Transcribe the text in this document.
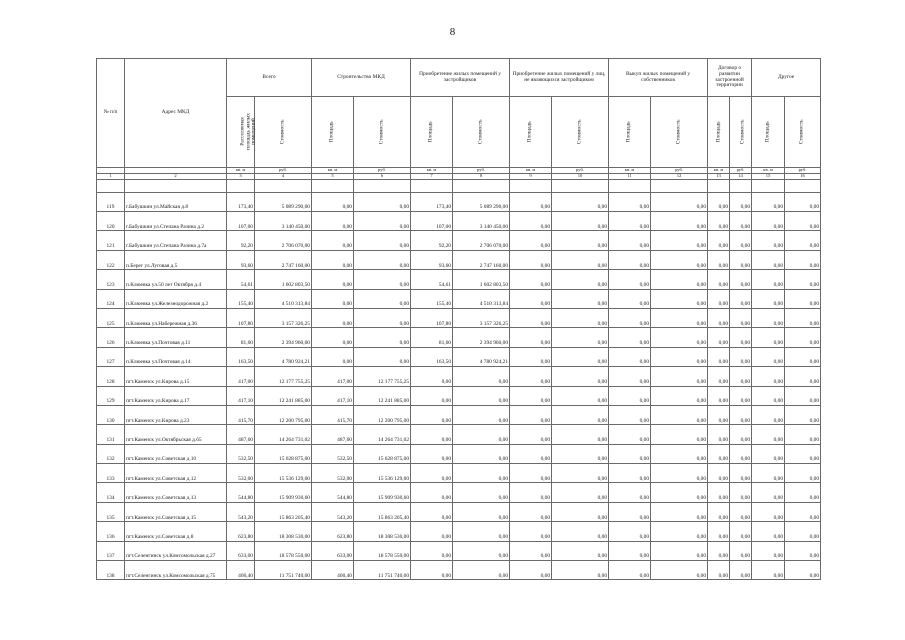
8
№ п/п	Адрес МКД	Всего		Строительство МКД		Приобретение жилых помещений у застройщиков		Приобретение жилых помещений у лиц, не являющихся застройщиком		Выкуп жилых помещений у собственников		Договор о развитии застроенной территории		Другое	
		Расселяемая площадь жилых помещений	Стоимость	Площадь	Стоимость	Площадь	Стоимость	Площадь	Стоимость	Площадь	Стоимость	Площадь	Стоимость	Площадь	Стоимость
		кв. м	руб.	кв. м	руб.	кв. м	руб.	кв. м	руб.	кв. м	руб.	кв. м	руб.	кв. м	руб.
1	2	3	4	5	6	7	8	9	10	11	12	13	14	15	16

119	г.Бабушкин ул.Майская д.8	173,40	5 089 290,00	0,00	0,00	173,40	5 089 290,00	0,00	0,00	0,00	0,00	0,00	0,00	0,00	0,00
120	г.Бабушкин ул.Степана Разина д.2	107,00	3 140 450,00	0,00	0,00	107,00	3 140 450,00	0,00	0,00	0,00	0,00	0,00	0,00	0,00	0,00
121	г.Бабушкин ул.Степана Разина д.7а	92,20	2 706 070,00	0,00	0,00	92,20	2 706 070,00	0,00	0,00	0,00	0,00	0,00	0,00	0,00	0,00
122	п.Берег ул.Луговая д.5	93,60	2 747 160,00	0,00	0,00	93,60	2 747 160,00	0,00	0,00	0,00	0,00	0,00	0,00	0,00	0,00
123	п.Клюевка ул.50 лет Октября д.4	54,61	1 602 803,50	0,00	0,00	54,61	1 602 803,50	0,00	0,00	0,00	0,00	0,00	0,00	0,00	0,00
124	п.Клюевка ул.Железнодорожная д.2	155,40	4 510 313,84	0,00	0,00	155,40	4 510 313,84	0,00	0,00	0,00	0,00	0,00	0,00	0,00	0,00
125	п.Клюевка ул.Набережная д.36	107,80	3 157 326,25	0,00	0,00	107,80	3 157 326,25	0,00	0,00	0,00	0,00	0,00	0,00	0,00	0,00
126	п.Клюевка ул.Почтовая д.11	81,60	2 394 960,00	0,00	0,00	81,60	2 394 960,00	0,00	0,00	0,00	0,00	0,00	0,00	0,00	0,00
127	п.Клюевка ул.Почтовая д.14	163,50	4 780 924,21	0,00	0,00	163,50	4 780 924,21	0,00	0,00	0,00	0,00	0,00	0,00	0,00	0,00
128	пгт.Каменск ул.Кирова д.15	417,00	12 177 755,25	417,00	12 177 755,25	0,00	0,00	0,00	0,00	0,00	0,00	0,00	0,00	0,00	0,00
129	пгт.Каменск ул.Кирова д.17	417,10	12 241 885,00	417,10	12 241 885,00	0,00	0,00	0,00	0,00	0,00	0,00	0,00	0,00	0,00	0,00
130	пгт.Каменск ул.Кирова д.23	415,70	12 200 795,00	415,70	12 200 795,00	0,00	0,00	0,00	0,00	0,00	0,00	0,00	0,00	0,00	0,00
131	пгт.Каменск ул.Октябрьская д.65	487,60	14 264 731,02	487,60	14 264 731,02	0,00	0,00	0,00	0,00	0,00	0,00	0,00	0,00	0,00	0,00
132	пгт.Каменск ул.Советская д.10	532,50	15 628 875,00	532,50	15 628 875,00	0,00	0,00	0,00	0,00	0,00	0,00	0,00	0,00	0,00	0,00
133	пгт.Каменск ул.Советская д.12	532,00	15 536 129,00	532,00	15 536 129,00	0,00	0,00	0,00	0,00	0,00	0,00	0,00	0,00	0,00	0,00
134	пгт.Каменск ул.Советская д.13	544,80	15 909 930,60	544,80	15 909 930,60	0,00	0,00	0,00	0,00	0,00	0,00	0,00	0,00	0,00	0,00
135	пгт.Каменск ул.Советская д.15	543,20	15 863 205,40	543,20	15 863 205,40	0,00	0,00	0,00	0,00	0,00	0,00	0,00	0,00	0,00	0,00
136	пгт.Каменск ул.Советская д.8	623,80	18 308 530,00	623,80	18 308 530,00	0,00	0,00	0,00	0,00	0,00	0,00	0,00	0,00	0,00	0,00
137	пгт.Селенгинск ул.Комсомольская д.27	633,00	18 578 550,00	633,00	18 578 550,00	0,00	0,00	0,00	0,00	0,00	0,00	0,00	0,00	0,00	0,00
138	пгт.Селенгинск ул.Комсомольская д.75	400,40	11 751 740,00	400,40	11 751 740,00	0,00	0,00	0,00	0,00	0,00	0,00	0,00	0,00	0,00	0,00
